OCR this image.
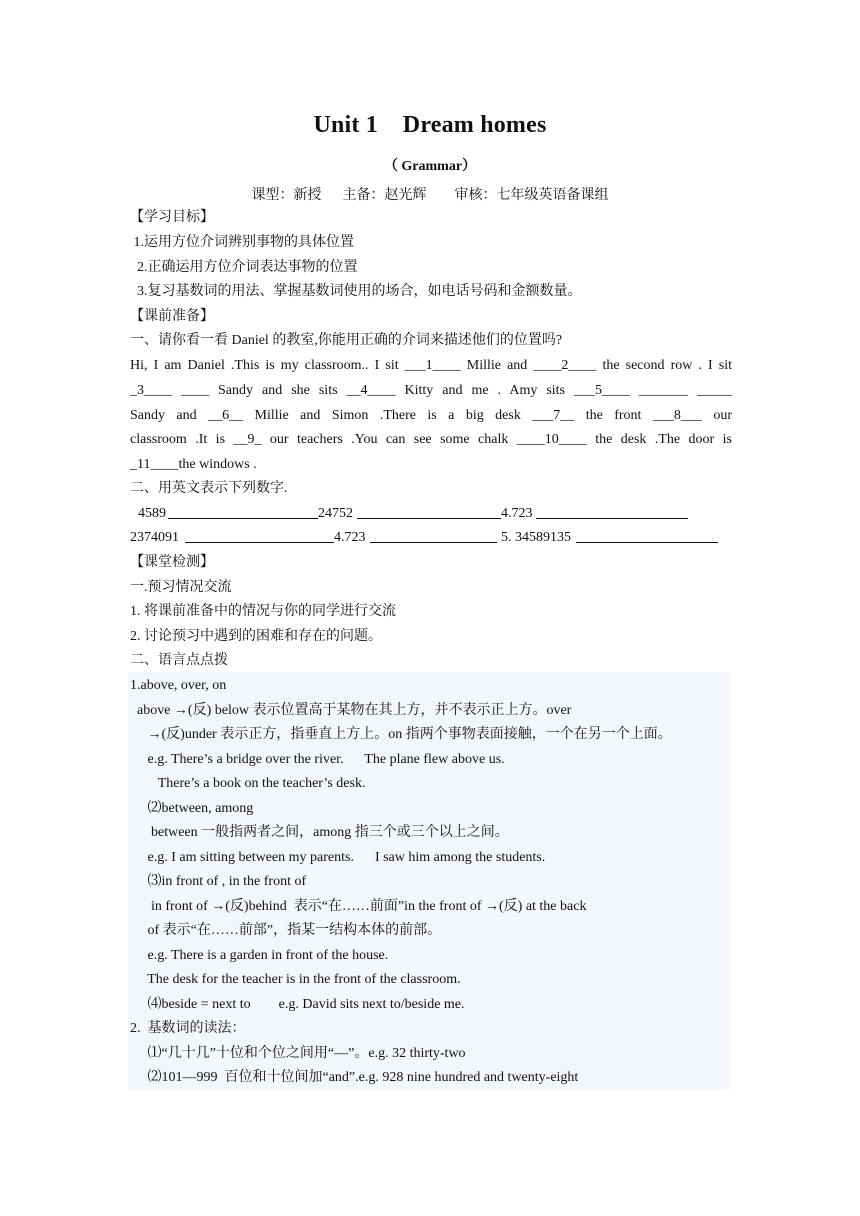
Unit 1    Dream homes
（ Grammar）
课型：新授      主备：赵光辉        审核：七年级英语备课组
【学习目标】
1.运用方位介词辨别事物的具体位置
2.正确运用方位介词表达事物的位置
3.复习基数词的用法、掌握基数词使用的场合，如电话号码和金额数量。
【课前准备】
一、请你看一看 Daniel 的教室,你能用正确的介词来描述他们的位置吗?
Hi, I am Daniel .This is my classroom.. I sit ___1____ Millie and ____2____ the second row . I sit
_3____ ____ Sandy and she sits __4____ Kitty and me . Amy sits ___5____ _______ _____
Sandy and __6__ Millie and Simon .There is a big desk ___7__ the front ___8___ our
classroom .It is __9_ our teachers .You can see some chalk ____10____ the desk .The door is
_11____the windows .
二、用英文表示下列数字.
4589	24752	4.723
2374091	4.723	5. 34589135
【课堂检测】
一.预习情况交流
1. 将课前准备中的情况与你的同学进行交流
2. 讨论预习中遇到的困难和存在的问题。
二、语言点点拨
1.above, over, on
above →(反) below 表示位置高于某物在其上方，并不表示正上方。over
→(反)under 表示正方，指垂直上方上。on 指两个事物表面接触，一个在另一个上面。
e.g. There’s a bridge over the river.      The plane flew above us.
There’s a book on the teacher’s desk.
⑵between, among
between 一般指两者之间，among 指三个或三个以上之间。
e.g. I am sitting between my parents.      I saw him among the students.
⑶in front of , in the front of
in front of →(反)behind  表示“在……前面”in the front of →(反) at the back
of 表示“在……前部”，指某一结构本体的前部。
e.g. There is a garden in front of the house.
The desk for the teacher is in the front of the classroom.
⑷beside = next to        e.g. David sits next to/beside me.
2.  基数词的读法：
⑴“几十几”十位和个位之间用“—”。e.g. 32 thirty-two
⑵101—999  百位和十位间加“and”.e.g. 928 nine hundred and twenty-eight
